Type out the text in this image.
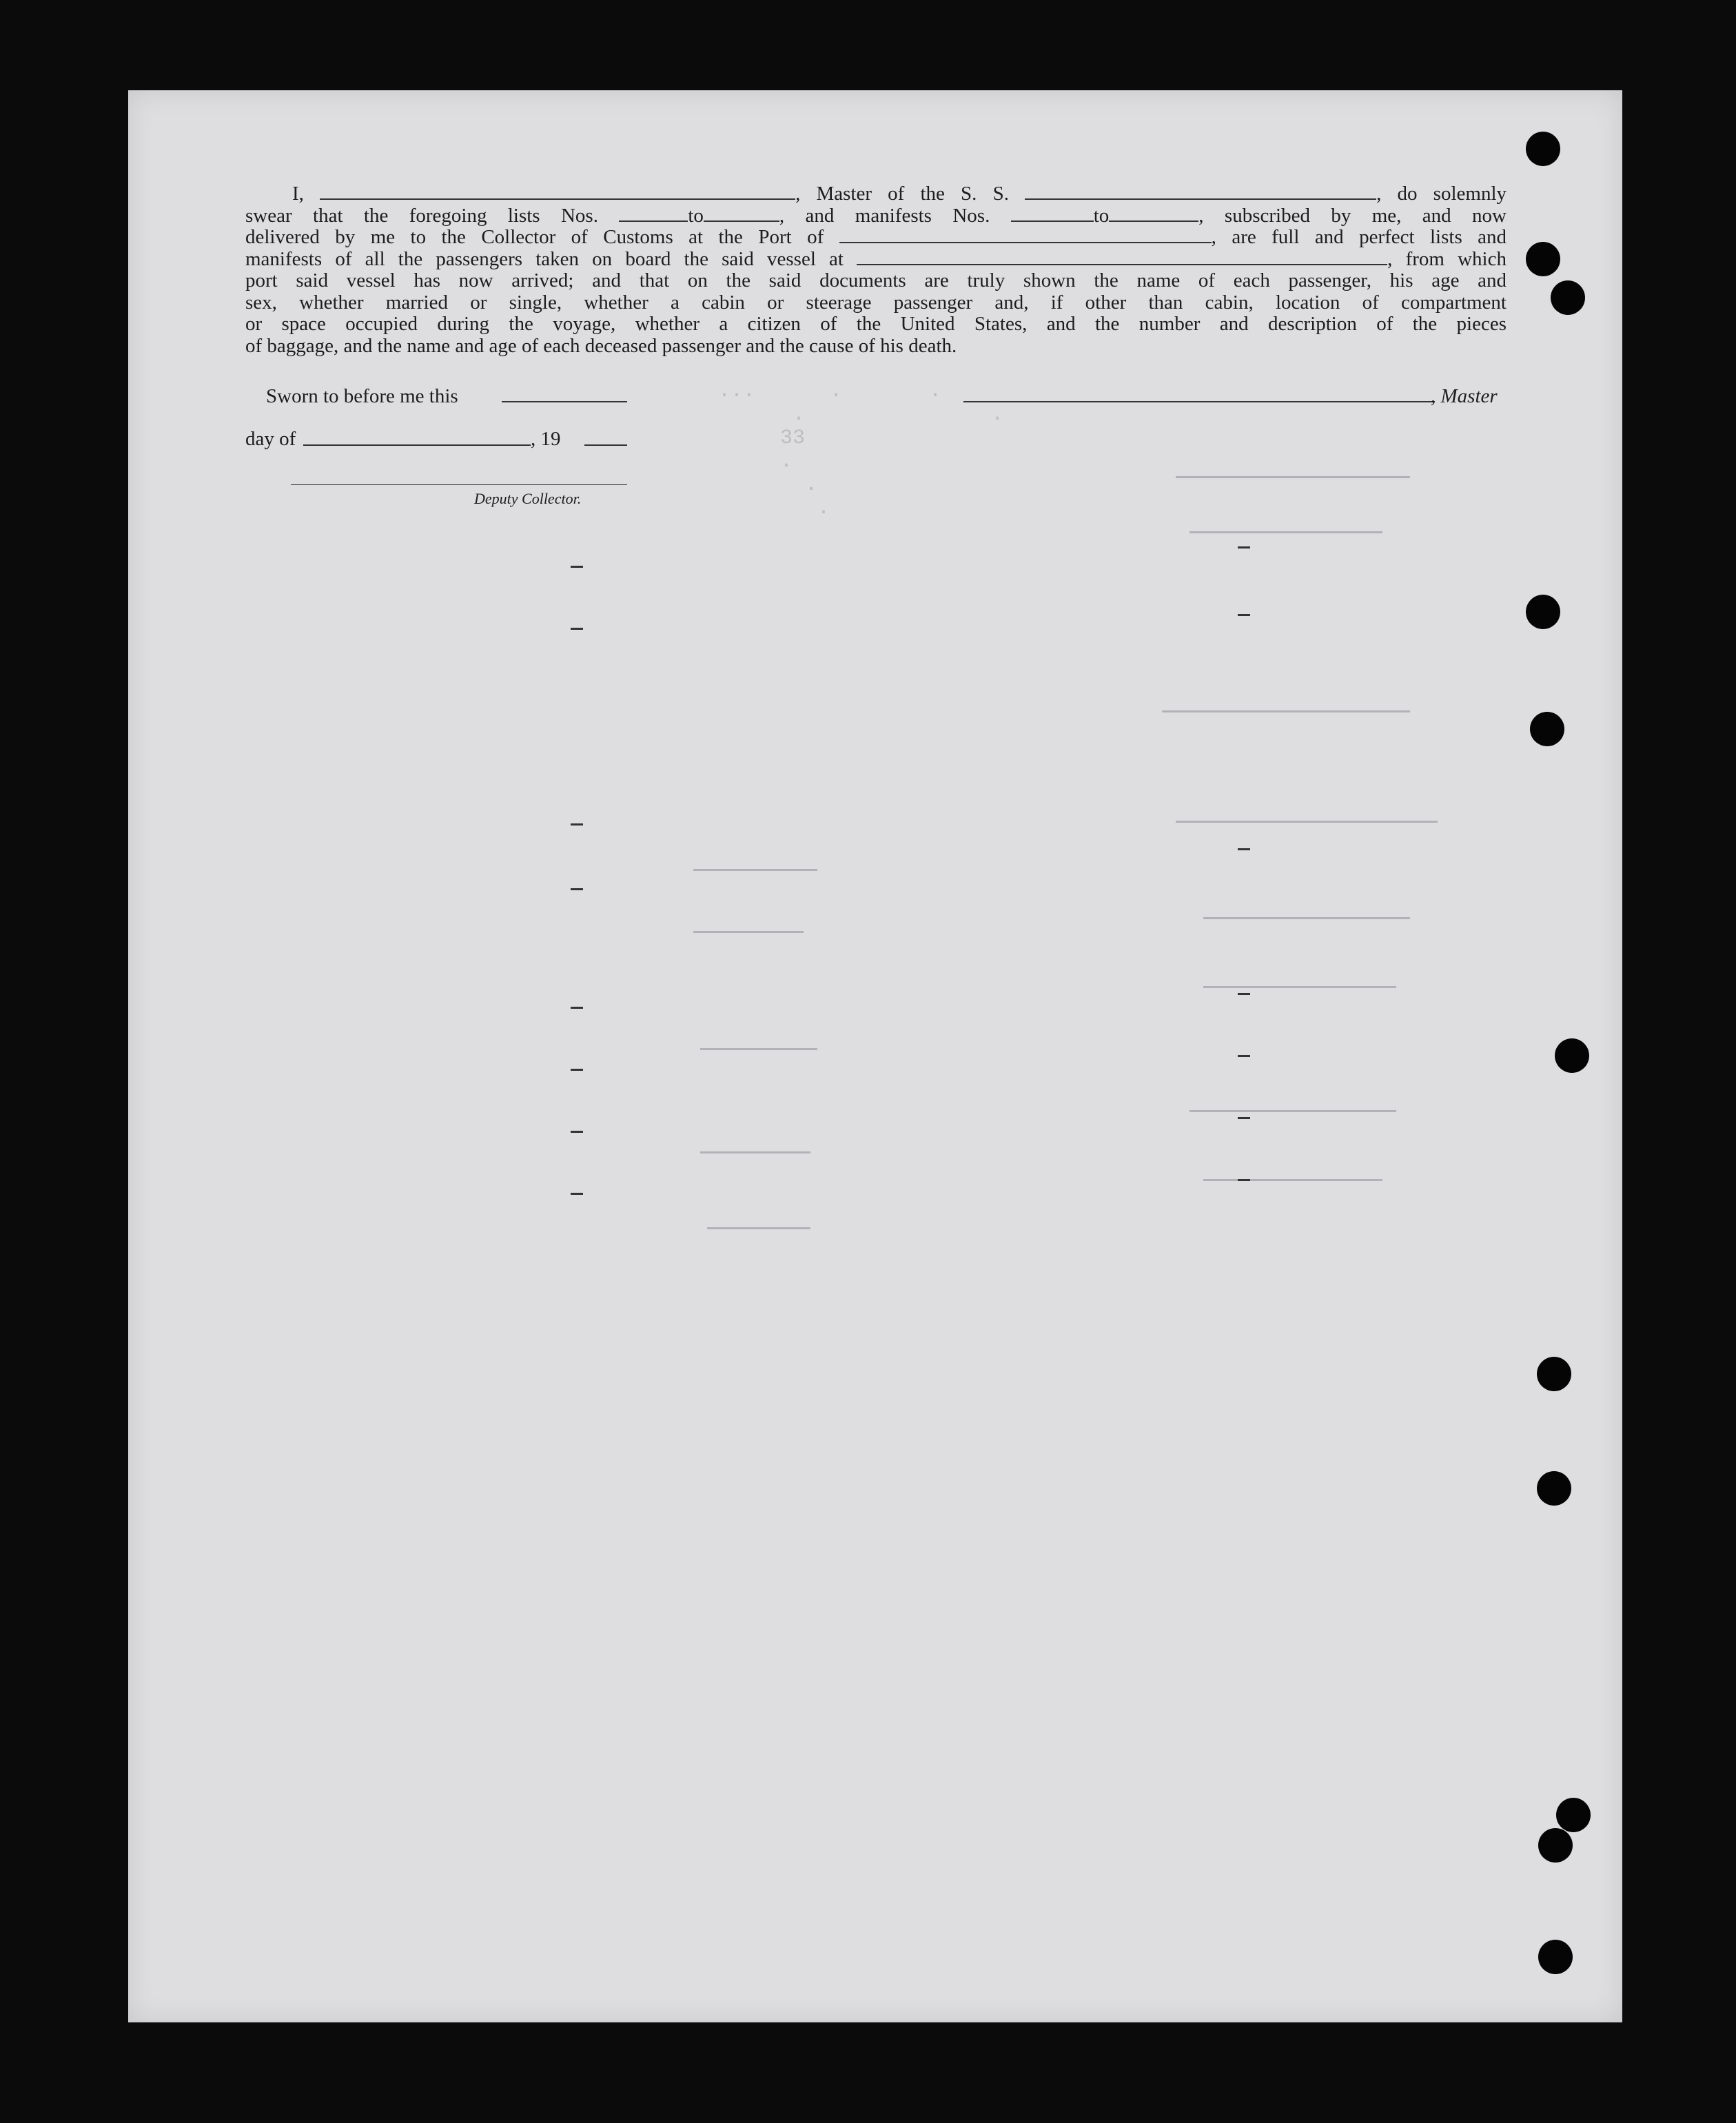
...      .       .
.               .
33
.
.
.
I,	, Master of the S. S.	, do solemnly
swear that the foregoing lists Nos.	to	, and manifests Nos.	to	, subscribed by me, and now
delivered by me to the Collector of Customs at the Port of	, are full and perfect lists and
manifests of all the passengers taken on board the said vessel at	, from which
port said vessel has now arrived; and that on the said documents are truly shown the name of each passenger, his age and
sex, whether married or single, whether a cabin or steerage passenger and, if other than cabin, location of compartment
or space occupied during the voyage, whether a citizen of the United States, and the number and description of the pieces
of baggage, and the name and age of each deceased passenger and the cause of his death.
Sworn to before me this
day of	, 19
Deputy Collector.
, Master
